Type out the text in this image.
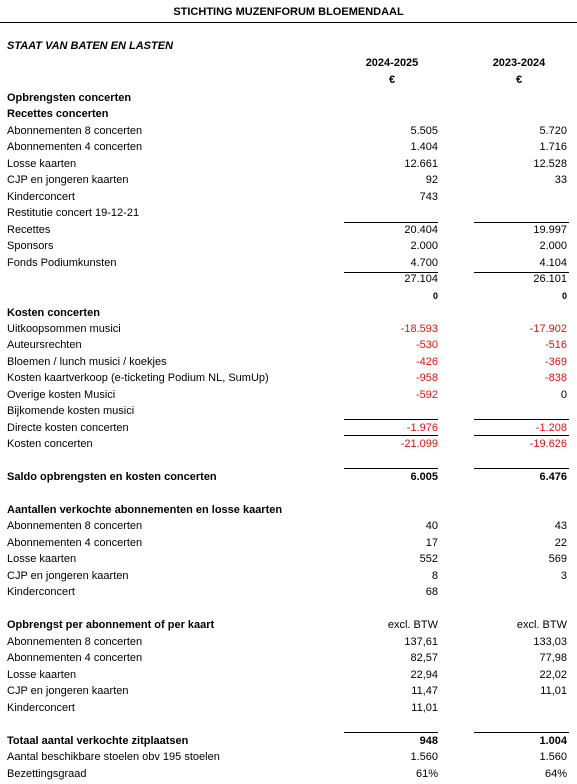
STICHTING MUZENFORUM BLOEMENDAAL
STAAT VAN BATEN EN LASTEN
2024-2025	2023-2024
€	€
Opbrengsten concerten
Recettes concerten
Abonnementen 8 concerten	5.505	5.720
Abonnementen 4 concerten	1.404	1.716
Losse kaarten	12.661	12.528
CJP en jongeren kaarten	92	33
Kinderconcert	743
Restitutie concert 19-12-21
Recettes	20.404	19.997
Sponsors	2.000	2.000
Fonds Podiumkunsten	4.700	4.104
27.104	26.101
0	0
Kosten concerten
Uitkoopsommen musici	-18.593	-17.902
Auteursrechten	-530	-516
Bloemen / lunch musici / koekjes	-426	-369
Kosten kaartverkoop (e-ticketing Podium NL, SumUp)	-958	-838
Overige kosten Musici	-592	0
Bijkomende kosten musici
Directe kosten concerten	-1.976	-1.208
Kosten concerten	-21.099	-19.626
Saldo opbrengsten en kosten concerten	6.005	6.476
Aantallen verkochte abonnementen en losse kaarten
Abonnementen 8 concerten	40	43
Abonnementen 4 concerten	17	22
Losse kaarten	552	569
CJP en jongeren kaarten	8	3
Kinderconcert	68
Opbrengst per abonnement of per kaart	excl. BTW	excl. BTW
Abonnementen 8 concerten	137,61	133,03
Abonnementen 4 concerten	82,57	77,98
Losse kaarten	22,94	22,02
CJP en jongeren kaarten	11,47	11,01
Kinderconcert	11,01
Totaal aantal verkochte zitplaatsen	948	1.004
Aantal beschikbare stoelen obv 195 stoelen	1.560	1.560
Bezettingsgraad	61%	64%
